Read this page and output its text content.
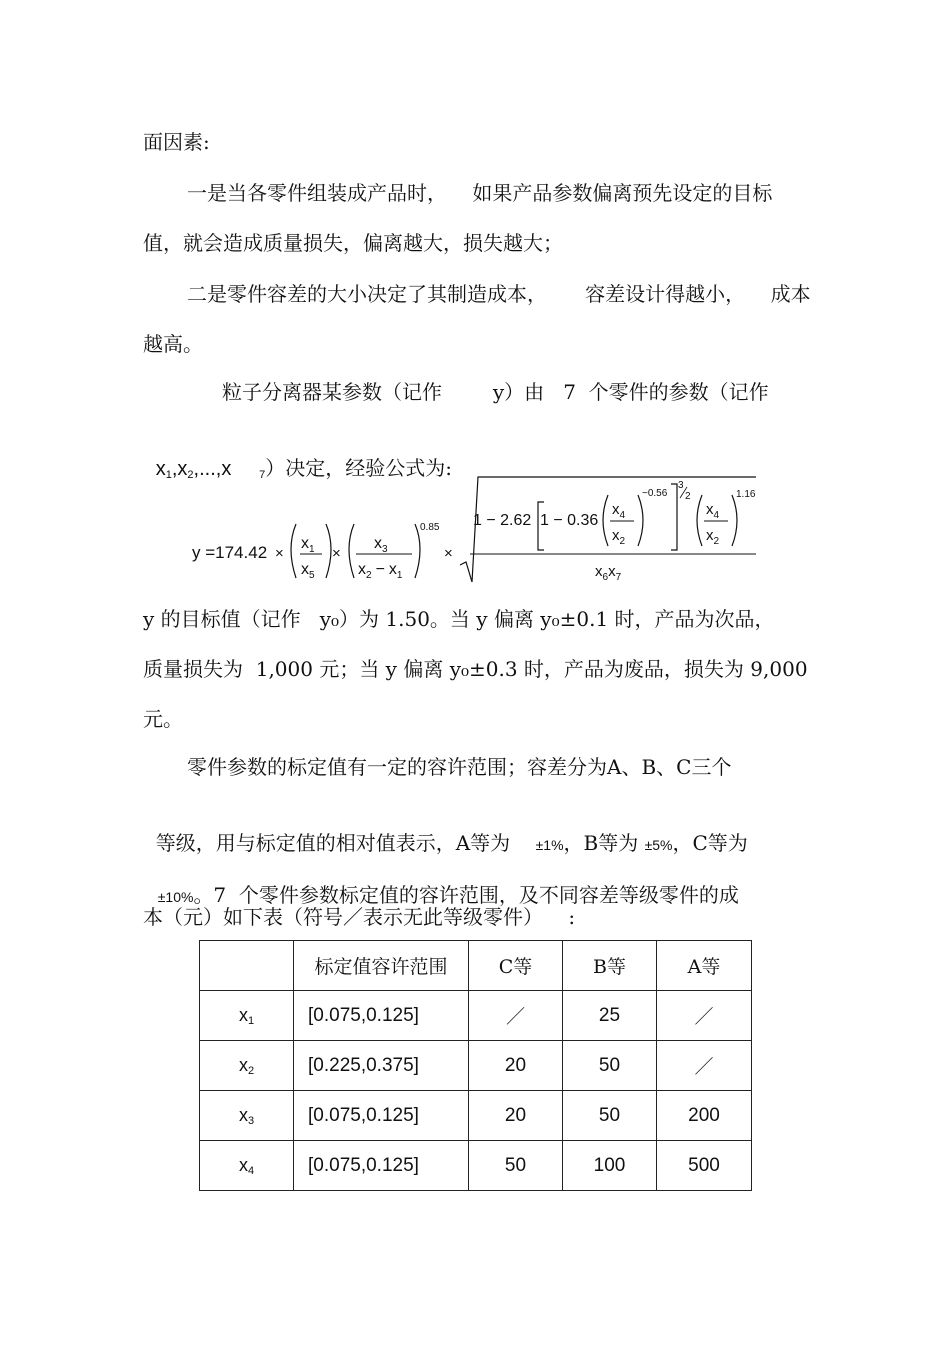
面因素:
一是当各零件组装成产品时，    如果产品参数偏离预先设定的目标
值，就会造成质量损失，偏离越大，损失越大；
二是零件容差的大小决定了其制造成本，      容差设计得越小，    成本
越高。
粒子分离器某参数（记作        y）由   7  个零件的参数（记作

$x_1,x_2,...,x$     $_7$）决定，经验公式为:

y =174.42 ×
$x_1$
$x_5$
×
$x_3$
$x_2 - x_1$
0.85
×
1 − 2.62 1 − 0.36
$x_4$
$x_2$
−0.56
3
2
$x_4$
$x_2$
1.16
$x_6x_7$
y 的目标值（记作   y₀）为 1.50。当 y 偏离 y₀±0.1 时，产品为次品，
质量损失为  1,000 元；当 y 偏离 y₀±0.3 时，产品为废品，损失为 9,000
元。
零件参数的标定值有一定的容许范围；容差分为A、B、C三个

等级，用与标定值的相对值表示，A等为    ±1%，B等为 ±5%，C等为

±10%。7  个零件参数标定值的容许范围，及不同容差等级零件的成

本（元）如下表（符号／表示无此等级零件）    :
	标定值容许范围	C等	B等	A等
$x_1$	[0.075,0.125]	／	25	／
$x_2$	[0.225,0.375]	20	50	／
$x_3$	[0.075,0.125]	20	50	200
$x_4$	[0.075,0.125]	50	100	500
